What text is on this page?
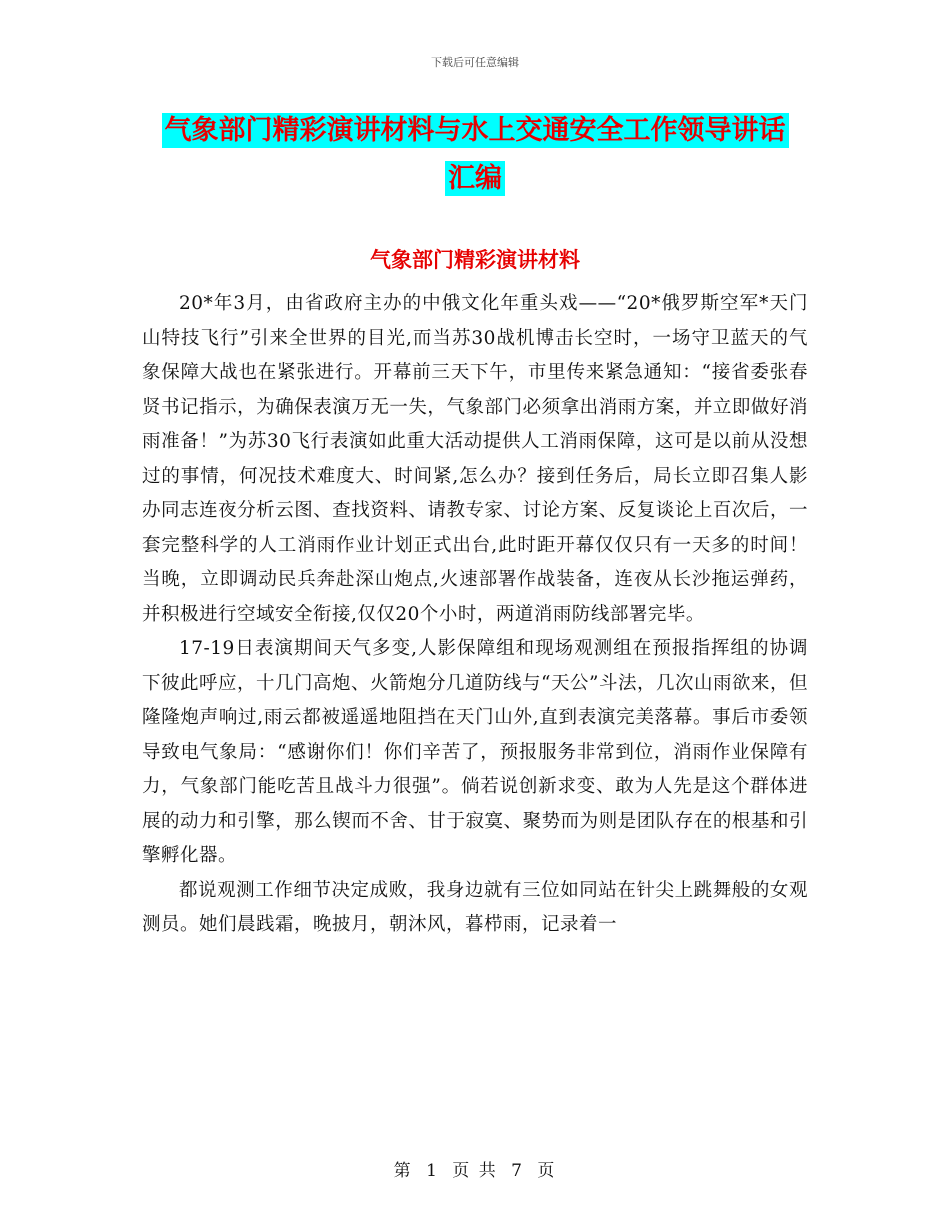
下载后可任意编辑
气象部门精彩演讲材料与水上交通安全工作领导讲话
汇编
气象部门精彩演讲材料

20*年3月，由省政府主办的中俄文化年重头戏——“20*俄罗斯空军*天门山特技飞行”引来全世界的目光,而当苏30战机博击长空时，一场守卫蓝天的气象保障大战也在紧张进行。开幕前三天下午，市里传来紧急通知：“接省委张春贤书记指示，为确保表演万无一失，气象部门必须拿出消雨方案，并立即做好消雨准备！”为苏30飞行表演如此重大活动提供人工消雨保障，这可是以前从没想过的事情，何况技术难度大、时间紧,怎么办？接到任务后，局长立即召集人影办同志连夜分析云图、查找资料、请教专家、讨论方案、反复谈论上百次后，一套完整科学的人工消雨作业计划正式出台,此时距开幕仅仅只有一天多的时间！当晚，立即调动民兵奔赴深山炮点,火速部署作战装备，连夜从长沙拖运弹药，并积极进行空域安全衔接,仅仅20个小时，两道消雨防线部署完毕。

17-19日表演期间天气多变,人影保障组和现场观测组在预报指挥组的协调下彼此呼应，十几门高炮、火箭炮分几道防线与“天公”斗法，几次山雨欲来，但隆隆炮声响过,雨云都被遥遥地阻挡在天门山外,直到表演完美落幕。事后市委领导致电气象局：“感谢你们！你们辛苦了，预报服务非常到位，消雨作业保障有力，气象部门能吃苦且战斗力很强”。倘若说创新求变、敢为人先是这个群体进展的动力和引擎，那么锲而不舍、甘于寂寞、聚势而为则是团队存在的根基和引擎孵化器。

都说观测工作细节决定成败，我身边就有三位如同站在针尖上跳舞般的女观测员。她们晨践霜，晚披月，朝沐风，暮栉雨，记录着一

第 1 页 共 7 页
